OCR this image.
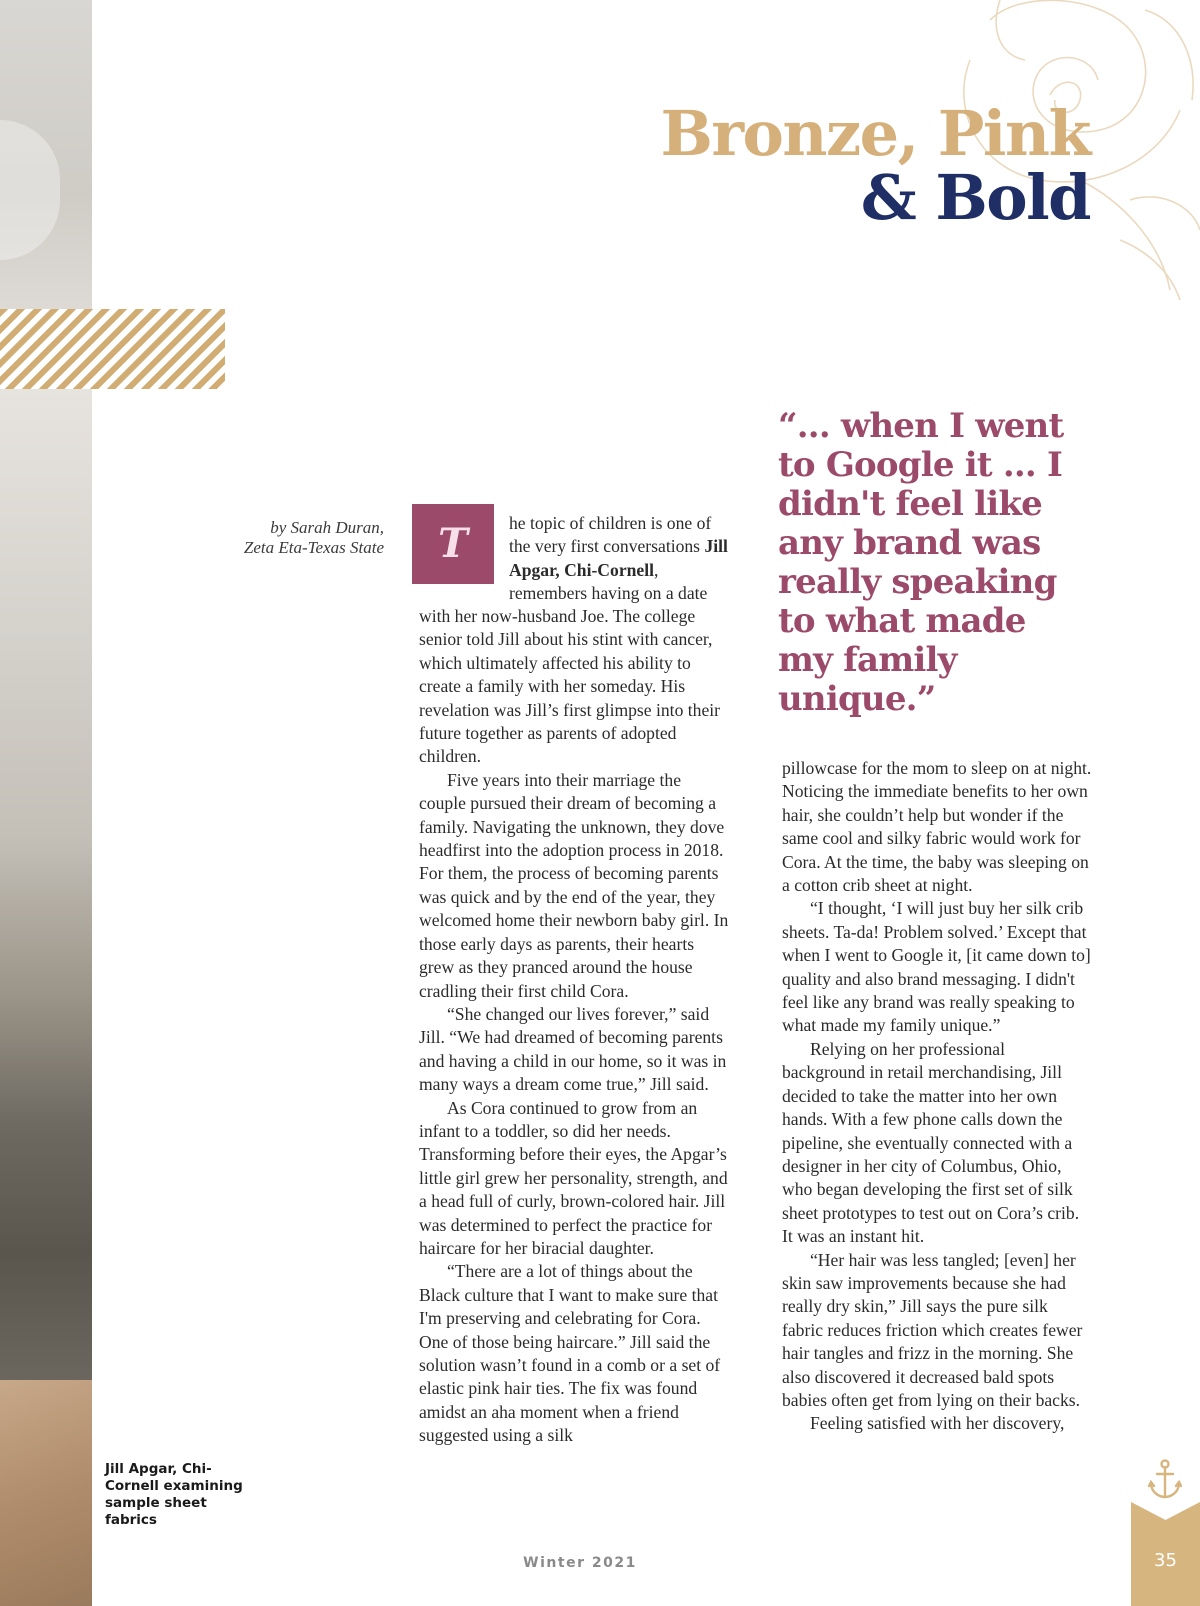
Bronze, Pink
& Bold
by Sarah Duran,
Zeta Eta-Texas State	T	he topic of children is one of the very first conversations Jill Apgar, Chi-Cornell, remembers having on a date

with her now-husband Joe. The college senior told Jill about his stint with cancer, which ultimately affected his ability to create a family with her someday. His revelation was Jill’s first glimpse into their future together as parents of adopted children.

Five years into their marriage the couple pursued their dream of becoming a family. Navigating the unknown, they dove headfirst into the adoption process in 2018. For them, the process of becoming parents was quick and by the end of the year, they welcomed home their newborn baby girl. In those early days as parents, their hearts grew as they pranced around the house cradling their first child Cora.

“She changed our lives forever,” said Jill. “We had dreamed of becoming parents and having a child in our home, so it was in many ways a dream come true,” Jill said.

As Cora continued to grow from an infant to a toddler, so did her needs. Transforming before their eyes, the Apgar’s little girl grew her personality, strength, and a head full of curly, brown-colored hair. Jill was determined to perfect the practice for haircare for her biracial daughter.

“There are a lot of things about the Black culture that I want to make sure that I'm preserving and celebrating for Cora. One of those being haircare.” Jill said the solution wasn’t found in a comb or a set of elastic pink hair ties. The fix was found amidst an aha moment when a friend suggested using a silk

“... when I went to Google it ... I didn't feel like any brand was really speaking to what made my family unique.”

pillowcase for the mom to sleep on at night. Noticing the immediate benefits to her own hair, she couldn’t help but wonder if the same cool and silky fabric would work for Cora. At the time, the baby was sleeping on a cotton crib sheet at night.

“I thought, ‘I will just buy her silk crib sheets. Ta-da! Problem solved.’ Except that when I went to Google it, [it came down to] quality and also brand messaging. I didn't feel like any brand was really speaking to what made my family unique.”

Relying on her professional background in retail merchandising, Jill decided to take the matter into her own hands. With a few phone calls down the pipeline, she eventually connected with a designer in her city of Columbus, Ohio, who began developing the first set of silk sheet prototypes to test out on Cora’s crib. It was an instant hit.

“Her hair was less tangled; [even] her skin saw improvements because she had really dry skin,” Jill says the pure silk fabric reduces friction which creates fewer hair tangles and frizz in the morning. She also discovered it decreased bald spots babies often get from lying on their backs.

Feeling satisfied with her discovery,

Jill Apgar, Chi-Cornell examining sample sheet fabrics
Winter 2021	35
